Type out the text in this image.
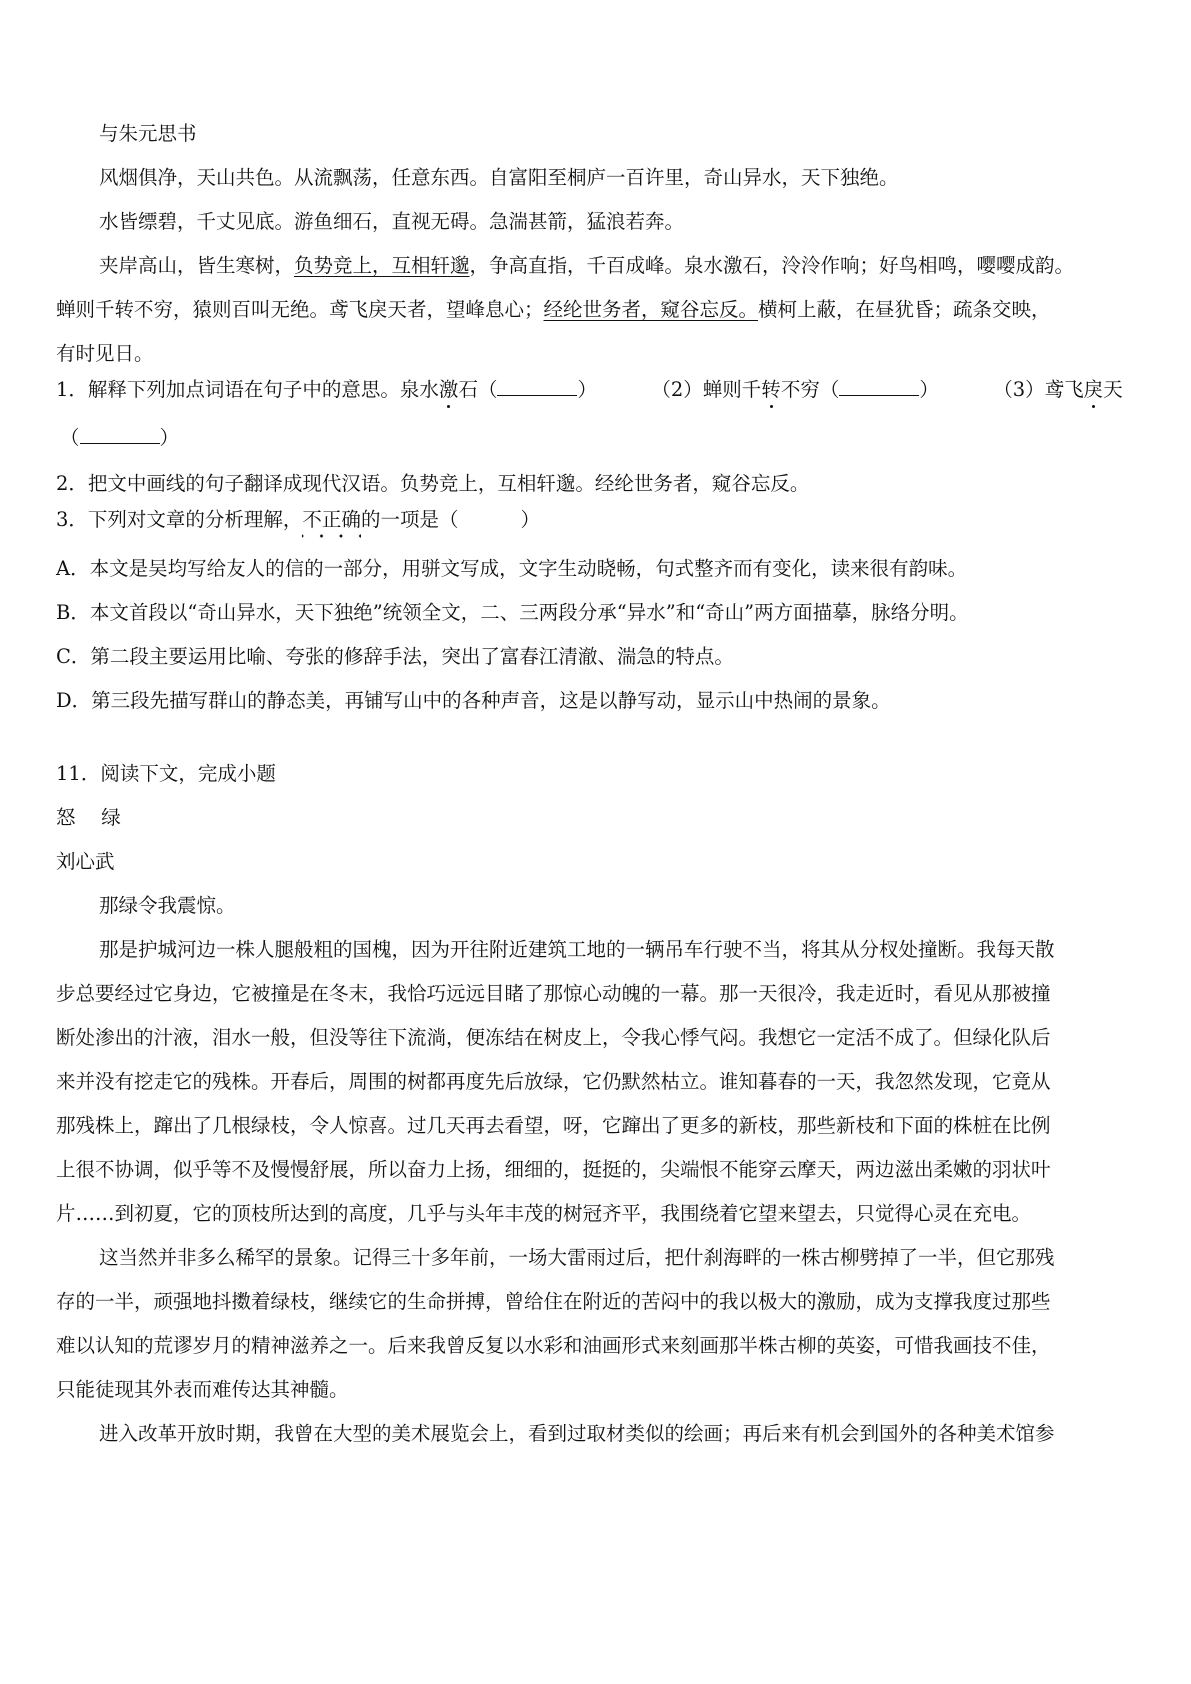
与朱元思书
风烟俱净，天山共色。从流飘荡，任意东西。自富阳至桐庐一百许里，奇山异水，天下独绝。
水皆缥碧，千丈见底。游鱼细石，直视无碍。急湍甚箭，猛浪若奔。
夹岸高山，皆生寒树，负势竞上，互相轩邈，争高直指，千百成峰。泉水激石，泠泠作响；好鸟相鸣，嘤嘤成韵。
蝉则千转不穷，猿则百叫无绝。鸢飞戾天者，望峰息心；经纶世务者，窥谷忘反。横柯上蔽，在昼犹昏；疏条交映，
有时见日。
1．解释下列加点词语在句子中的意思。泉水激石（	）	（2）蝉则千转不穷（	）	（3）鸢飞戾天
（	）
2．把文中画线的句子翻译成现代汉语。负势竞上，互相轩邈。经纶世务者，窥谷忘反。
3．下列对文章的分析理解，不正确的一项是（	）
A．本文是吴均写给友人的信的一部分，用骈文写成，文字生动晓畅，句式整齐而有变化，读来很有韵味。
B．本文首段以“奇山异水，天下独绝”统领全文，二、三两段分承“异水”和“奇山”两方面描摹，脉络分明。
C．第二段主要运用比喻、夸张的修辞手法，突出了富春江清澈、湍急的特点。
D．第三段先描写群山的静态美，再铺写山中的各种声音，这是以静写动，显示山中热闹的景象。
11．阅读下文，完成小题
怒　 绿
刘心武
那绿令我震惊。
那是护城河边一株人腿般粗的国槐，因为开往附近建筑工地的一辆吊车行驶不当，将其从分杈处撞断。我每天散
步总要经过它身边，它被撞是在冬末，我恰巧远远目睹了那惊心动魄的一幕。那一天很冷，我走近时，看见从那被撞
断处渗出的汁液，泪水一般，但没等往下流淌，便冻结在树皮上，令我心悸气闷。我想它一定活不成了。但绿化队后
来并没有挖走它的残株。开春后，周围的树都再度先后放绿，它仍默然枯立。谁知暮春的一天，我忽然发现，它竟从
那残株上，蹿出了几根绿枝，令人惊喜。过几天再去看望，呀，它蹿出了更多的新枝，那些新枝和下面的株桩在比例
上很不协调，似乎等不及慢慢舒展，所以奋力上扬，细细的，挺挺的，尖端恨不能穿云摩天，两边滋出柔嫩的羽状叶
片……到初夏，它的顶枝所达到的高度，几乎与头年丰茂的树冠齐平，我围绕着它望来望去，只觉得心灵在充电。
这当然并非多么稀罕的景象。记得三十多年前，一场大雷雨过后，把什刹海畔的一株古柳劈掉了一半，但它那残
存的一半，顽强地抖擞着绿枝，继续它的生命拼搏，曾给住在附近的苦闷中的我以极大的激励，成为支撑我度过那些
难以认知的荒谬岁月的精神滋养之一。后来我曾反复以水彩和油画形式来刻画那半株古柳的英姿，可惜我画技不佳，
只能徒现其外表而难传达其神髓。
进入改革开放时期，我曾在大型的美术展览会上，看到过取材类似的绘画；再后来有机会到国外的各种美术馆参
